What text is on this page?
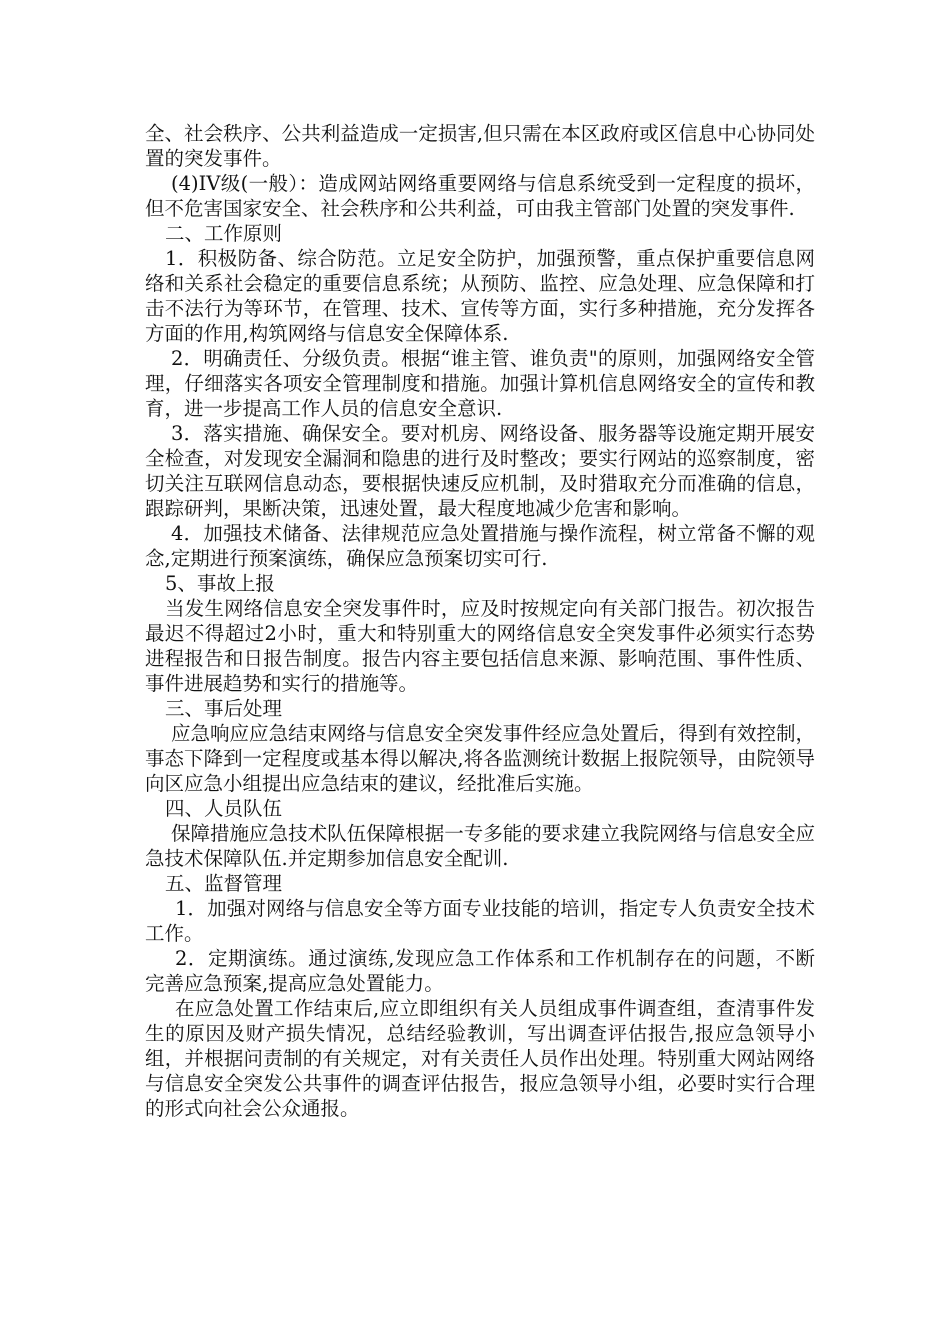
全、社会秩序、公共利益造成一定损害,但只需在本区政府或区信息中心协同处置的突发事件。

(4)IV级(一般）：造成网站网络重要网络与信息系统受到一定程度的损坏，但不危害国家安全、社会秩序和公共利益，可由我主管部门处置的突发事件.

二、工作原则

1．积极防备、综合防范。立足安全防护，加强预警，重点保护重要信息网络和关系社会稳定的重要信息系统；从预防、监控、应急处理、应急保障和打击不法行为等环节，在管理、技术、宣传等方面，实行多种措施，充分发挥各方面的作用,构筑网络与信息安全保障体系.

2．明确责任、分级负责。根据“谁主管、谁负责"的原则，加强网络安全管理，仔细落实各项安全管理制度和措施。加强计算机信息网络安全的宣传和教育，进一步提高工作人员的信息安全意识.

3．落实措施、确保安全。要对机房、网络设备、服务器等设施定期开展安全检查，对发现安全漏洞和隐患的进行及时整改；要实行网站的巡察制度，密切关注互联网信息动态，要根据快速反应机制，及时猎取充分而准确的信息，跟踪研判，果断决策，迅速处置，最大程度地减少危害和影响。

4．加强技术储备、法律规范应急处置措施与操作流程，树立常备不懈的观念,定期进行预案演练，确保应急预案切实可行.

5、事故上报

当发生网络信息安全突发事件时，应及时按规定向有关部门报告。初次报告最迟不得超过2小时，重大和特别重大的网络信息安全突发事件必须实行态势进程报告和日报告制度。报告内容主要包括信息来源、影响范围、事件性质、事件进展趋势和实行的措施等。

三、事后处理

应急响应应急结束网络与信息安全突发事件经应急处置后，得到有效控制，事态下降到一定程度或基本得以解决,将各监测统计数据上报院领导，由院领导向区应急小组提出应急结束的建议，经批准后实施。

四、人员队伍

保障措施应急技术队伍保障根据一专多能的要求建立我院网络与信息安全应急技术保障队伍.并定期参加信息安全配训.

五、监督管理

1．加强对网络与信息安全等方面专业技能的培训，指定专人负责安全技术工作。

2．定期演练。通过演练,发现应急工作体系和工作机制存在的问题，不断完善应急预案,提高应急处置能力。

在应急处置工作结束后,应立即组织有关人员组成事件调查组，查清事件发生的原因及财产损失情况，总结经验教训，写出调查评估报告,报应急领导小组，并根据问责制的有关规定，对有关责任人员作出处理。特别重大网站网络与信息安全突发公共事件的调查评估报告，报应急领导小组，必要时实行合理的形式向社会公众通报。
